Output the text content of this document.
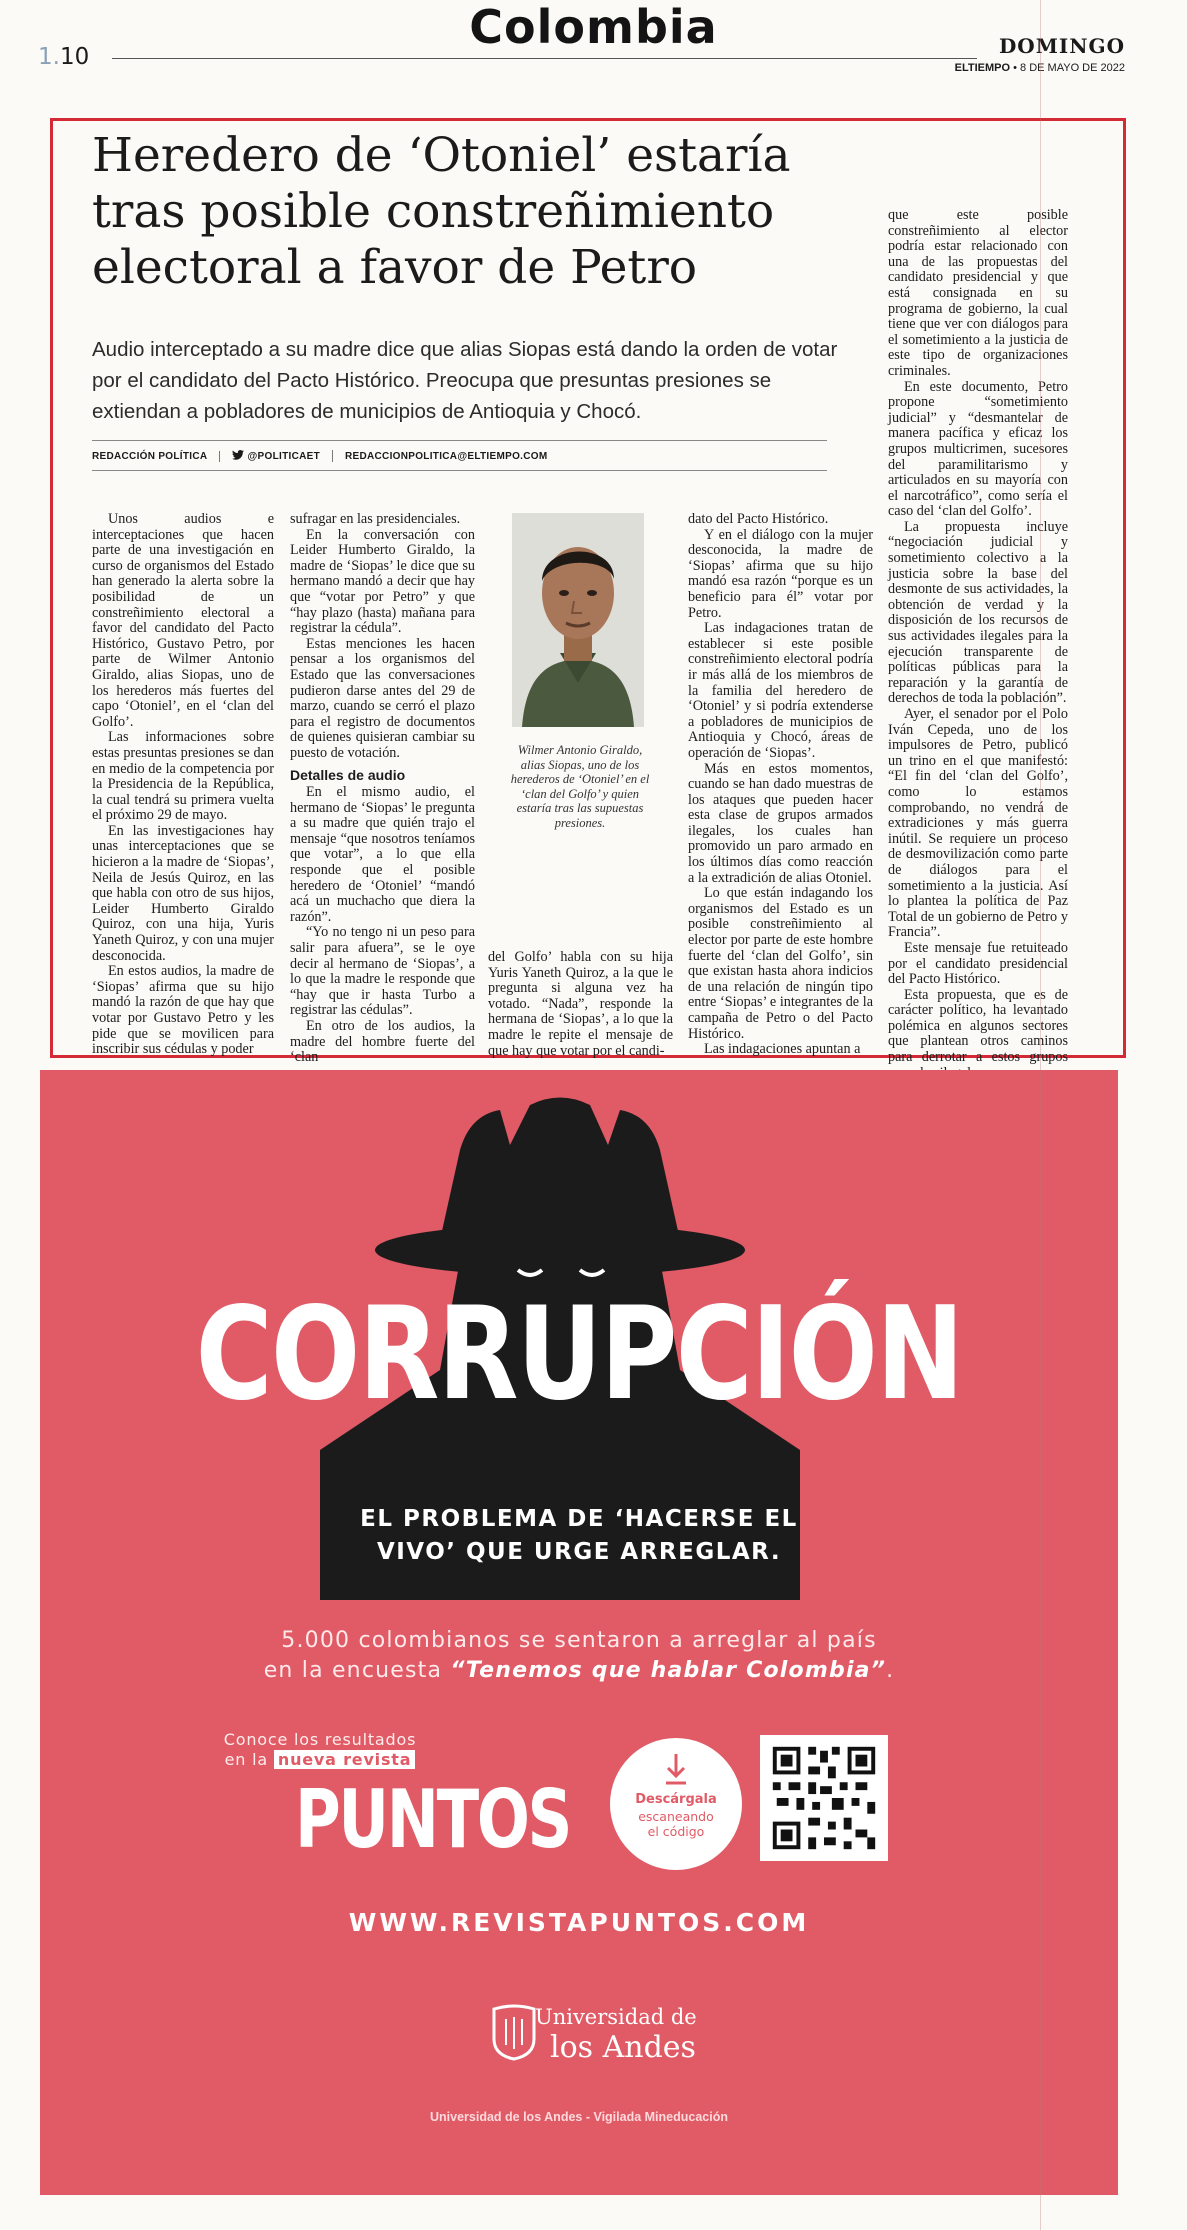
Colombia
1.10	DOMINGO
ELTIEMPO • 8 DE MAYO DE 2022
Heredero de ‘Otoniel’ estaría tras posible constreñimiento electoral a favor de Petro
Audio interceptado a su madre dice que alias Siopas está dando la orden de votar por el candidato del Pacto Histórico. Preocupa que presuntas presiones se extiendan a pobladores de municipios de Antioquia y Chocó.
REDACCIÓN POLÍTICA	@POLITICAET	REDACCIONPOLITICA@ELTIEMPO.COM

Unos audios e interceptaciones que hacen parte de una investigación en curso de organismos del Estado han generado la alerta sobre la posibilidad de un constreñimiento electoral a favor del candidato del Pacto Histórico, Gustavo Petro, por parte de Wilmer Antonio Giraldo, alias Siopas, uno de los herederos más fuertes del capo ‘Otoniel’, en el ‘clan del Golfo’.

Las informaciones sobre estas presuntas presiones se dan en medio de la competencia por la Presidencia de la República, la cual tendrá su primera vuelta el próximo 29 de mayo.

En las investigaciones hay unas interceptaciones que se hicieron a la madre de ‘Siopas’, Neila de Jesús Quiroz, en las que habla con otro de sus hijos, Leider Humberto Giraldo Quiroz, con una hija, Yuris Yaneth Quiroz, y con una mujer desconocida.

En estos audios, la madre de ‘Siopas’ afirma que su hijo mandó la razón de que hay que votar por Gustavo Petro y les pide que se movilicen para inscribir sus cédulas y poder

sufragar en las presidenciales.

En la conversación con Leider Humberto Giraldo, la madre de ‘Siopas’ le dice que su hermano mandó a decir que hay que “votar por Petro” y que “hay plazo (hasta) mañana para registrar la cédula”.

Estas menciones les hacen pensar a los organismos del Estado que las conversaciones pudieron darse antes del 29 de marzo, cuando se cerró el plazo para el registro de documentos de quienes quisieran cambiar su puesto de votación.

Detalles de audio

En el mismo audio, el hermano de ‘Siopas’ le pregunta a su madre que quién trajo el mensaje “que nosotros teníamos que votar”, a lo que ella responde que el posible heredero de ‘Otoniel’ “mandó acá un muchacho que diera la razón”.

“Yo no tengo ni un peso para salir para afuera”, se le oye decir al hermano de ‘Siopas’, a lo que la madre le responde que “hay que ir hasta Turbo a registrar las cédulas”.

En otro de los audios, la madre del hombre fuerte del ‘clan

Wilmer Antonio Giraldo, alias Siopas, uno de los herederos de ‘Otoniel’ en el ‘clan del Golfo’ y quien estaría tras las supuestas presiones.

del Golfo’ habla con su hija Yuris Yaneth Quiroz, a la que le pregunta si alguna vez ha votado. “Nada”, responde la hermana de ‘Siopas’, a lo que la madre le repite el mensaje de que hay que votar por el candi-

dato del Pacto Histórico.

Y en el diálogo con la mujer desconocida, la madre de ‘Siopas’ afirma que su hijo mandó esa razón “porque es un beneficio para él” votar por Petro.

Las indagaciones tratan de establecer si este posible constreñimiento electoral podría ir más allá de los miembros de la familia del heredero de ‘Otoniel’ y si podría extenderse a pobladores de municipios de Antioquia y Chocó, áreas de operación de ‘Siopas’.

Más en estos momentos, cuando se han dado muestras de los ataques que pueden hacer esta clase de grupos armados ilegales, los cuales han promovido un paro armado en los últimos días como reacción a la extradición de alias Otoniel.

Lo que están indagando los organismos del Estado es un posible constreñimiento al elector por parte de este hombre fuerte del ‘clan del Golfo’, sin que existan hasta ahora indicios de una relación de ningún tipo entre ‘Siopas’ e integrantes de la campaña de Petro o del Pacto Histórico.

Las indagaciones apuntan a

que este posible constreñimiento al elector podría estar relacionado con una de las propuestas del candidato presidencial y que está consignada en su programa de gobierno, la cual tiene que ver con diálogos para el sometimiento a la justicia de este tipo de organizaciones criminales.

En este documento, Petro propone “sometimiento judicial” y “desmantelar de manera pacífica y eficaz los grupos multicrimen, sucesores del paramilitarismo y articulados en su mayoría con el narcotráfico”, como sería el caso del ‘clan del Golfo’.

La propuesta incluye “negociación judicial y sometimiento colectivo a la justicia sobre la base del desmonte de sus actividades, la obtención de verdad y la disposición de los recursos de sus actividades ilegales para la ejecución transparente de políticas públicas para la reparación y la garantía de derechos de toda la población”.

Ayer, el senador por el Polo Iván Cepeda, uno de los impulsores de Petro, publicó un trino en el que manifestó: “El fin del ‘clan del Golfo’, como lo estamos comprobando, no vendrá de extradiciones y más guerra inútil. Se requiere un proceso de desmovilización como parte de diálogos para el sometimiento a la justicia. Así lo plantea la política de Paz Total de un gobierno de Petro y Francia”.

Este mensaje fue retuiteado por el candidato presidencial del Pacto Histórico.

Esta propuesta, que es de carácter político, ha levantado polémica en algunos sectores que plantean otros caminos para derrotar a estos grupos

CORRUPCIÓN
EL PROBLEMA DE ‘HACERSE EL
VIVO’ QUE URGE ARREGLAR.
5.000 colombianos se sentaron a arreglar al país
en la encuesta “Tenemos que hablar Colombia”.
Conoce los resultados
en la nueva revista
PUNTOS	Descárgala
escaneando
el código
WWW.REVISTAPUNTOS.COM
Universidad de
los Andes
Universidad de los Andes - Vigilada Mineducación
